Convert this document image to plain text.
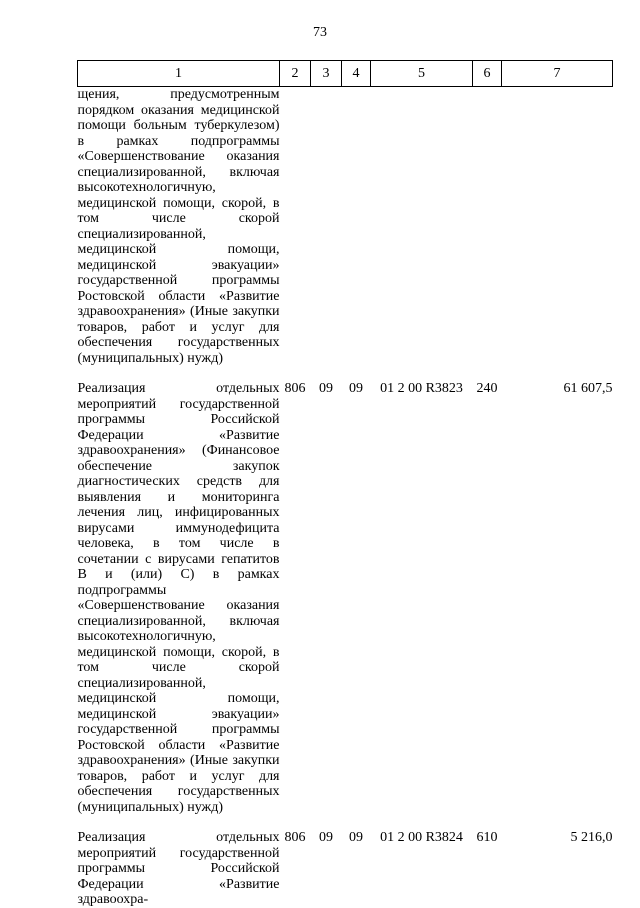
73
1	2	3	4	5	6	7
щения, предусмотренным порядком оказания медицинской помощи больным туберкулезом) в рамках подпрограммы «Совершенствование оказания специализированной, включая высокотехнологичную, медицинской помощи, скорой, в том числе скорой специализированной, медицинской помощи, медицинской эвакуации» государственной программы Ростовской области «Развитие здравоохранения» (Иные закупки товаров, работ и услуг для обеспечения государственных (муниципальных) нужд)						
Реализация отдельных мероприятий государственной программы Российской Федерации «Развитие здравоохранения» (Финансовое обеспечение закупок диагностических средств для выявления и мониторинга лечения лиц, инфицированных вирусами иммунодефицита человека, в том числе в сочетании с вирусами гепатитов В и (или) С) в рамках подпрограммы «Совершенствование оказания специализированной, включая высокотехнологичную, медицинской помощи, скорой, в том числе скорой специализированной, медицинской помощи, медицинской эвакуации» государственной программы Ростовской области «Развитие здравоохранения» (Иные закупки товаров, работ и услуг для обеспечения государственных (муниципальных) нужд)	806	09	09	01 2 00 R3823	240	61 607,5
Реализация отдельных мероприятий государственной программы Российской Федерации «Развитие здравоохра-	806	09	09	01 2 00 R3824	610	5 216,0
